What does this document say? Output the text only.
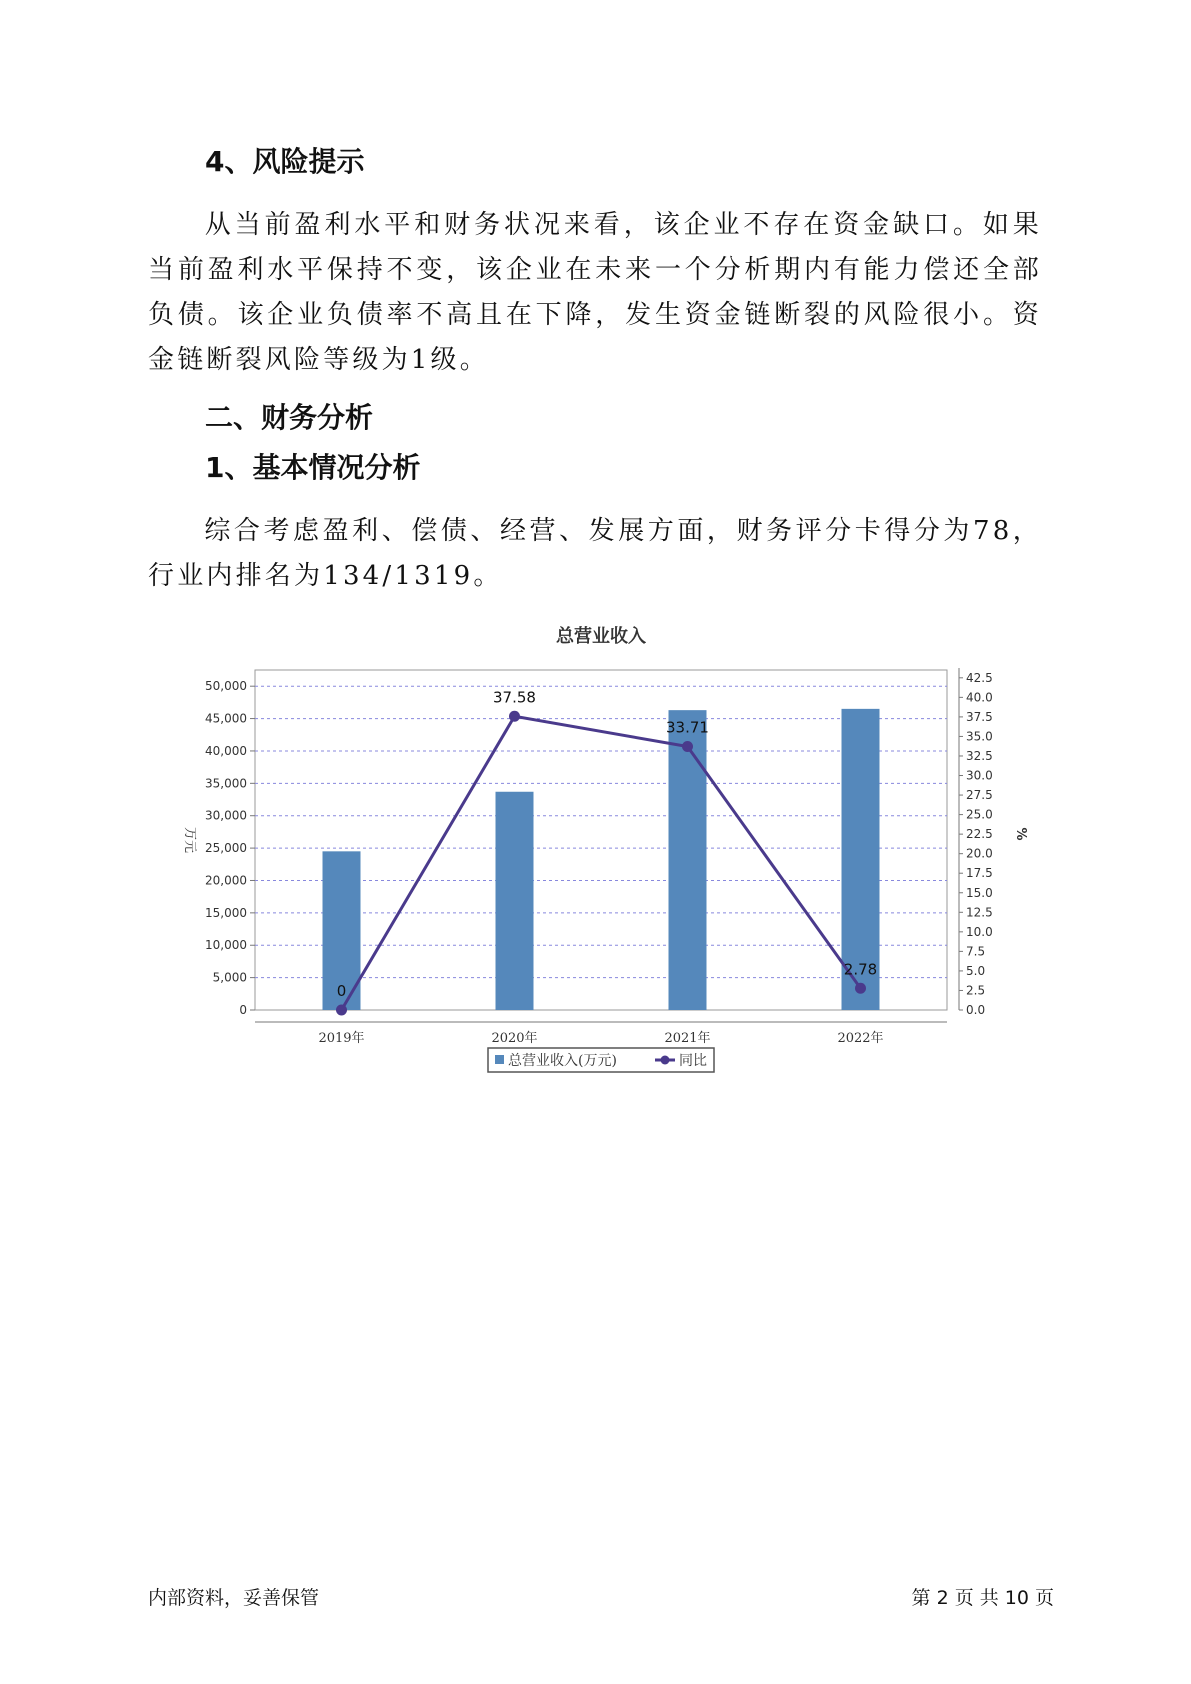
4、风险提示

从当前盈利水平和财务状况来看，该企业不存在资金缺口。如果当前盈利水平保持不变，该企业在未来一个分析期内有能力偿还全部负债。该企业负债率不高且在下降，发生资金链断裂的风险很小。资金链断裂风险等级为1级。

二、财务分析
1、基本情况分析

综合考虑盈利、偿债、经营、发展方面，财务评分卡得分为78，行业内排名为134/1319。

总营业收入
0
5,000
10,000
15,000
20,000
25,000
30,000
35,000
40,000
45,000
50,000
0.0
2.5
5.0
7.5
10.0
12.5
15.0
17.5
20.0
22.5
25.0
27.5
30.0
32.5
35.0
37.5
40.0
42.5
万元	%
2019年	2020年	2021年	2022年
0
37.58
33.71
2.78
总营业收入(万元)	同比
内部资料，妥善保管	第 2 页 共 10 页
